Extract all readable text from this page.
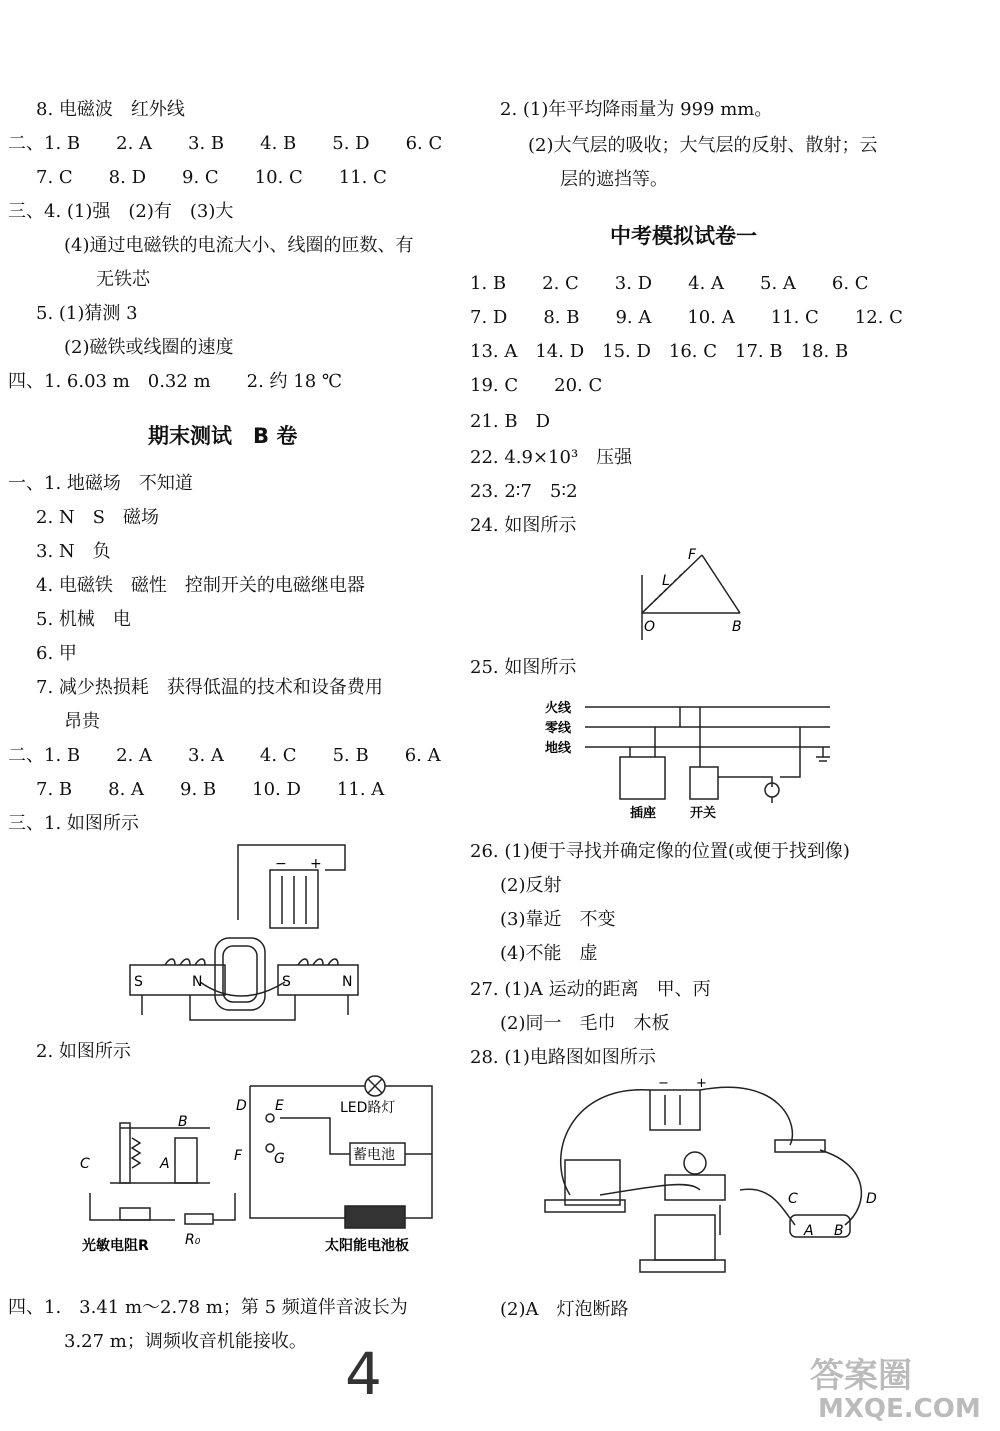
8. 电磁波　红外线
二、1. B　　2. A　　3. B　　4. B　　5. D　　6. C
7. C　　8. D　　9. C　　10. C　　11. C
三、4. (1)强　(2)有　(3)大
(4)通过电磁铁的电流大小、线圈的匝数、有
无铁芯
5. (1)猜测 3
(2)磁铁或线圈的速度
四、1. 6.03 m　0.32 m　　2. 约 18 ℃
一、1. 地磁场　不知道
2. N　S　磁场
3. N　负
4. 电磁铁　磁性　控制开关的电磁继电器
5. 机械　电
6. 甲
7. 减少热损耗　获得低温的技术和设备费用
昂贵
二、1. B　　2. A　　3. A　　4. C　　5. B　　6. A
7. B　　8. A　　9. B　　10. D　　11. A
三、1. 如图所示
2. 如图所示
四、1.　3.41 m～2.78 m；第 5 频道伴音波长为
3.27 m；调频收音机能接收。
2. (1)年平均降雨量为 999 mm。
(2)大气层的吸收；大气层的反射、散射；云
层的遮挡等。
1. B　　2. C　　3. D　　4. A　　5. A　　6. C
7. D　　8. B　　9. A　　10. A　　11. C　　12. C
13. A　14. D　15. D　16. C　17. B　18. B
19. C　　20. C
21. B　D
22. 4.9×10³　压强
23. 2∶7　5∶2
24. 如图所示
25. 如图所示
26. (1)便于寻找并确定像的位置(或便于找到像)
(2)反射
(3)靠近　不变
(4)不能　虚
27. (1)A 运动的距离　甲、丙
(2)同一　毛巾　木板
28. (1)电路图如图所示
(2)A　灯泡断路
期末测试　B 卷
中考模拟试卷一
S	N	S	N
− +
C
B
A
D E
F G
LED路灯
蓄电池
光敏电阻R	R₀	太阳能电池板
F
L
O	B
火线
零线
地线
插座	开关
− +
C	D
A B
4	答案圈
MXQE.COM
